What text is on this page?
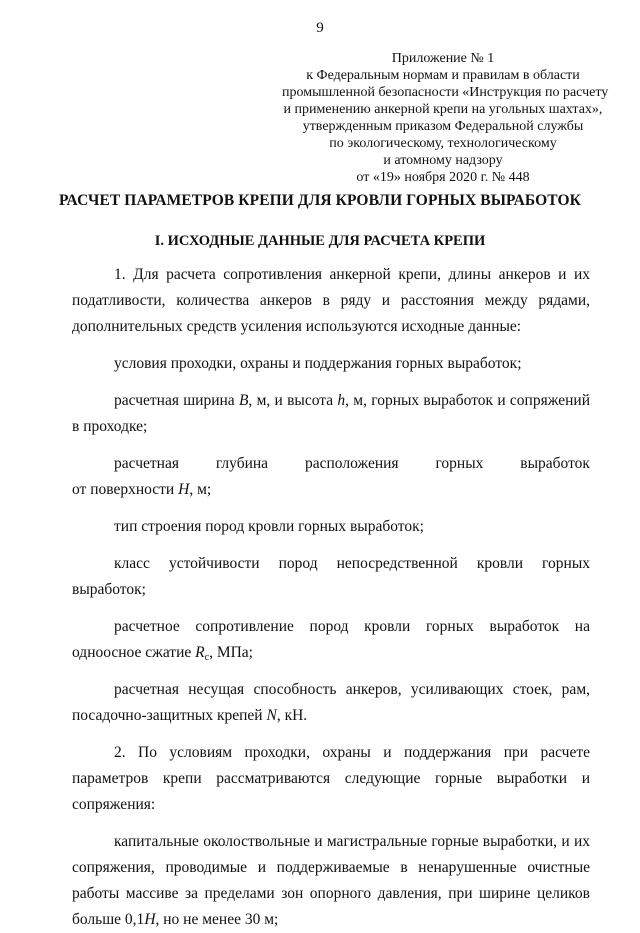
9
Приложение № 1
к Федеральным нормам и правилам в области
промышленной безопасности «Инструкция по расчету
и применению анкерной крепи на угольных шахтах»,
утвержденным приказом Федеральной службы
по экологическому, технологическому
и атомному надзору
от «19» ноября 2020 г. № 448
РАСЧЕТ ПАРАМЕТРОВ КРЕПИ ДЛЯ КРОВЛИ ГОРНЫХ ВЫРАБОТОК
I. ИСХОДНЫЕ ДАННЫЕ ДЛЯ РАСЧЕТА КРЕПИ

1. Для расчета сопротивления анкерной крепи, длины анкеров и их податливости, количества анкеров в ряду и расстояния между рядами, дополнительных средств усиления используются исходные данные:

условия проходки, охраны и поддержания горных выработок;

расчетная ширина B, м, и высота h, м, горных выработок и сопряжений в проходке;

расчетная глубина расположения горных выработок

от поверхности H, м;

тип строения пород кровли горных выработок;

класс устойчивости пород непосредственной кровли горных выработок;

расчетное сопротивление пород кровли горных выработок на одноосное сжатие $R_c$, МПа;

расчетная несущая способность анкеров, усиливающих стоек, рам, посадочно-защитных крепей N, кН.

2. По условиям проходки, охраны и поддержания при расчете параметров крепи рассматриваются следующие горные выработки и сопряжения:

капитальные околоствольные и магистральные горные выработки, и их сопряжения, проводимые и поддерживаемые в ненарушенные очистные работы массиве за пределами зон опорного давления, при ширине целиков больше 0,1H, но не менее 30 м;
